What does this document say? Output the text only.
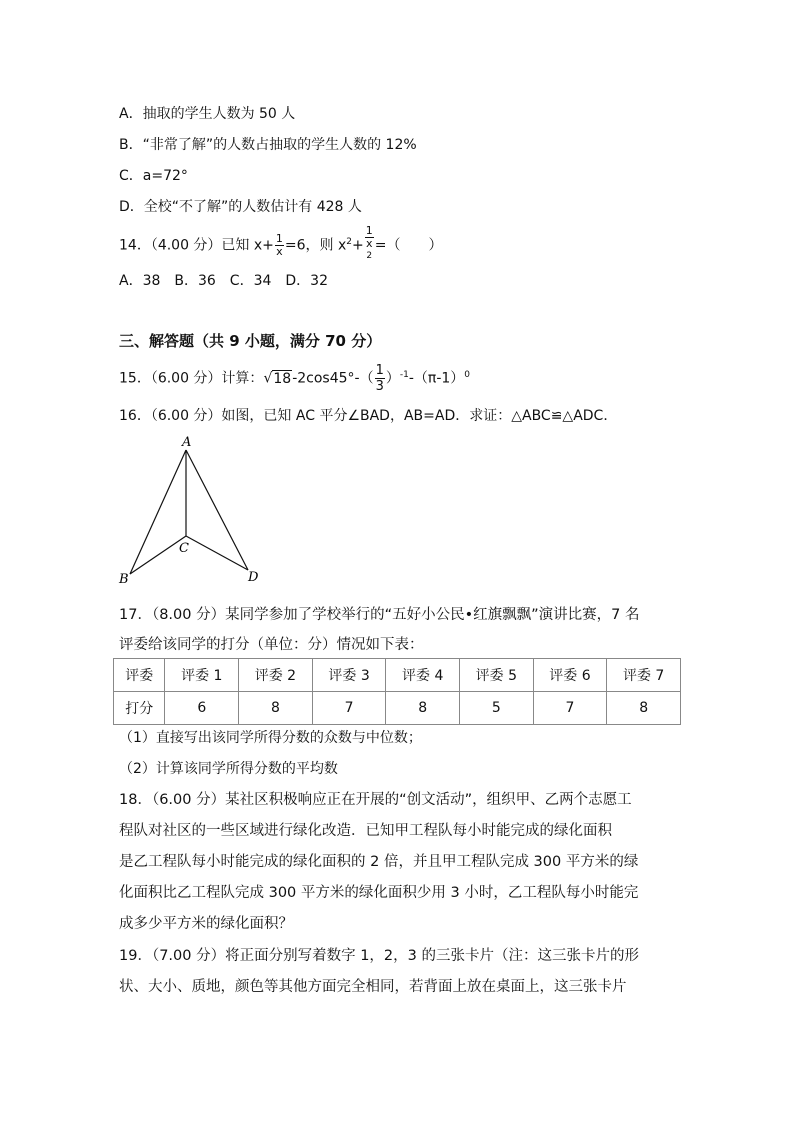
A．抽取的学生人数为 50 人
B．“非常了解”的人数占抽取的学生人数的 12%
C．a=72°
D．全校“不了解”的人数估计有 428 人
14．（4.00 分）已知 $x+ \frac{1}{x} =6$，则 $x^2+ 1$
x
$^2$ =（　　）
A．38　B．36　C．34　D．32
三、解答题（共 9 小题，满分 70 分）
15．（6.00 分）计算：$√18-2\cos 45^\circ-( \frac{1}{3} )^{-1}-(\pi-1)^0$
16．（6.00 分）如图，已知 AC 平分∠BAD，AB=AD．求证：△ABC≌△ADC．
A
B
C
D
17．（8.00 分）某同学参加了学校举行的“五好小公民•红旗飘飘”演讲比赛，7 名
评委给该同学的打分（单位：分）情况如下表：
评委	评委 1	评委 2	评委 3	评委 4	评委 5	评委 6	评委 7
打分	6	8	7	8	5	7	8
（1）直接写出该同学所得分数的众数与中位数；
（2）计算该同学所得分数的平均数
18．（6.00 分）某社区积极响应正在开展的“创文活动”，组织甲、乙两个志愿工
程队对社区的一些区域进行绿化改造．已知甲工程队每小时能完成的绿化面积
是乙工程队每小时能完成的绿化面积的 2 倍，并且甲工程队完成 300 平方米的绿
化面积比乙工程队完成 300 平方米的绿化面积少用 3 小时，乙工程队每小时能完
成多少平方米的绿化面积？
19．（7.00 分）将正面分别写着数字 1，2，3 的三张卡片（注：这三张卡片的形
状、大小、质地，颜色等其他方面完全相同，若背面上放在桌面上，这三张卡片
